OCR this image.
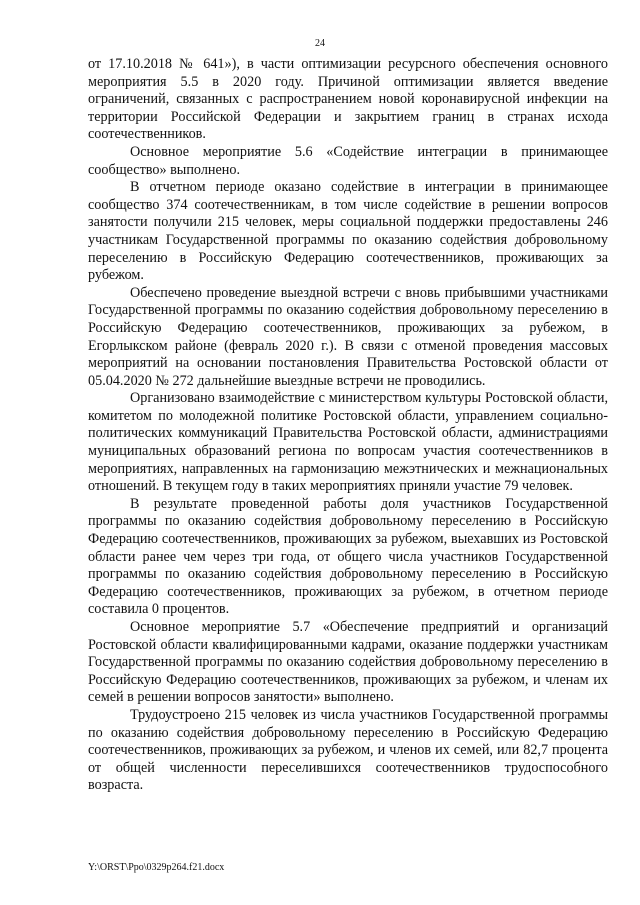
24

от 17.10.2018 № 641»), в части оптимизации ресурсного обеспечения основного мероприятия 5.5 в 2020 году. Причиной оптимизации является введение ограничений, связанных с распространением новой коронавирусной инфекции на территории Российской Федерации и закрытием границ в странах исхода соотечественников.

Основное мероприятие 5.6 «Содействие интеграции в принимающее сообщество» выполнено.

В отчетном периоде оказано содействие в интеграции в принимающее сообщество 374 соотечественникам, в том числе содействие в решении вопросов занятости получили 215 человек, меры социальной поддержки предоставлены 246 участникам Государственной программы по оказанию содействия добровольному переселению в Российскую Федерацию соотечественников, проживающих за рубежом.

Обеспечено проведение выездной встречи с вновь прибывшими участниками Государственной программы по оказанию содействия добровольному переселению в Российскую Федерацию соотечественников, проживающих за рубежом, в Егорлыкском районе (февраль 2020 г.). В связи с отменой проведения массовых мероприятий на основании постановления Правительства Ростовской области от 05.04.2020 № 272 дальнейшие выездные встречи не проводились.

Организовано взаимодействие с министерством культуры Ростовской области, комитетом по молодежной политике Ростовской области, управлением социально-политических коммуникаций Правительства Ростовской области, администрациями муниципальных образований региона по вопросам участия соотечественников в мероприятиях, направленных на гармонизацию межэтнических и межнациональных отношений. В текущем году в таких мероприятиях приняли участие 79 человек.

В результате проведенной работы доля участников Государственной программы по оказанию содействия добровольному переселению в Российскую Федерацию соотечественников, проживающих за рубежом, выехавших из Ростовской области ранее чем через три года, от общего числа участников Государственной программы по оказанию содействия добровольному переселению в Российскую Федерацию соотечественников, проживающих за рубежом, в отчетном периоде составила 0 процентов.

Основное мероприятие 5.7 «Обеспечение предприятий и организаций Ростовской области квалифицированными кадрами, оказание поддержки участникам Государственной программы по оказанию содействия добровольному переселению в Российскую Федерацию соотечественников, проживающих за рубежом, и членам их семей в решении вопросов занятости» выполнено.

Трудоустроено 215 человек из числа участников Государственной программы по оказанию содействия добровольному переселению в Российскую Федерацию соотечественников, проживающих за рубежом, и членов их семей, или 82,7 процента от общей численности переселившихся соотечественников трудоспособного возраста.

Y:\ORST\Ppo\0329p264.f21.docx
